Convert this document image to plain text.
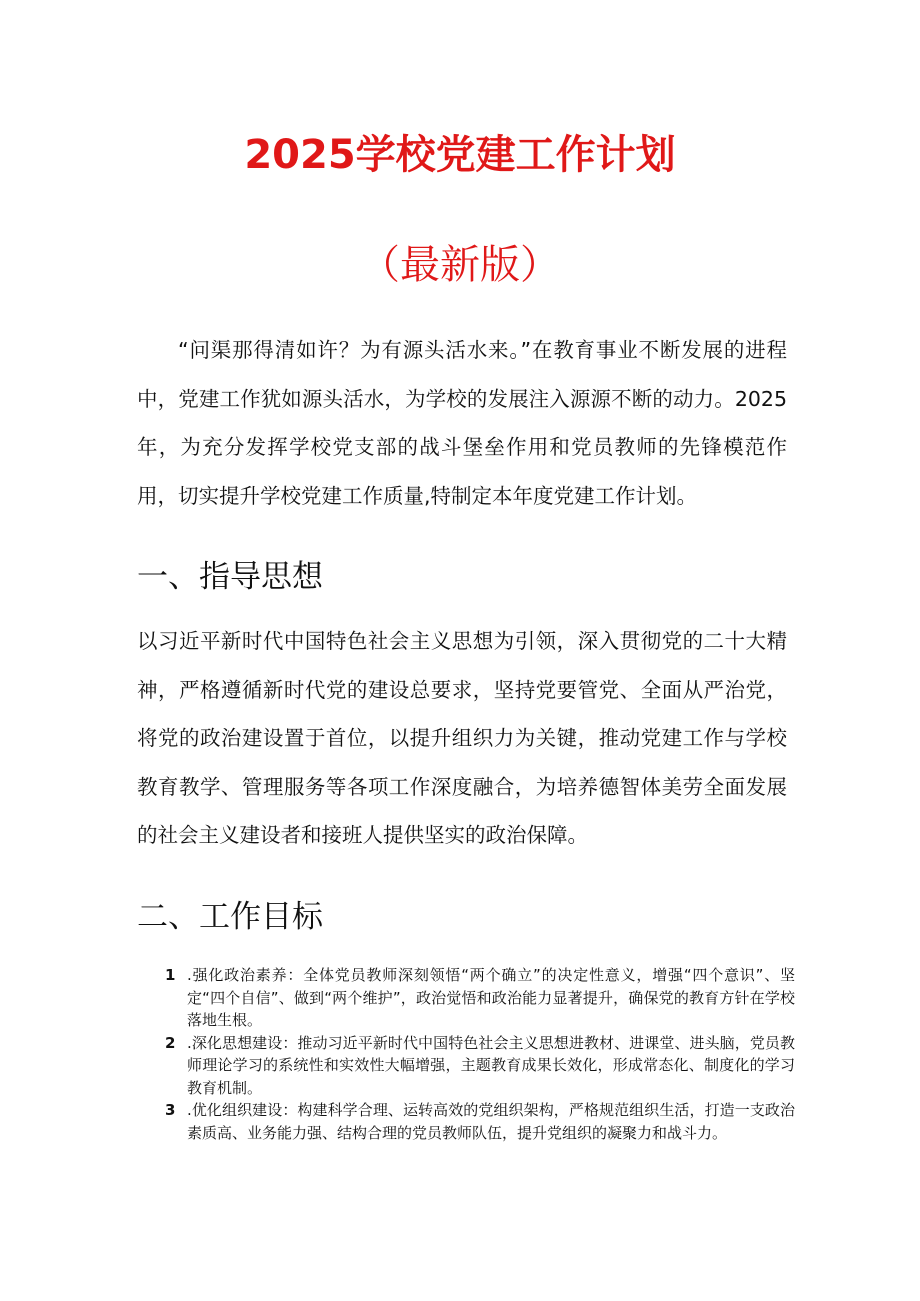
2025学校党建工作计划
（最新版）

“问渠那得清如许？为有源头活水来。”在教育事业不断发展的进程中，党建工作犹如源头活水，为学校的发展注入源源不断的动力。2025年，为充分发挥学校党支部的战斗堡垒作用和党员教师的先锋模范作用，切实提升学校党建工作质量,特制定本年度党建工作计划。

一、指导思想

以习近平新时代中国特色社会主义思想为引领，深入贯彻党的二十大精神，严格遵循新时代党的建设总要求，坚持党要管党、全面从严治党，将党的政治建设置于首位，以提升组织力为关键，推动党建工作与学校教育教学、管理服务等各项工作深度融合，为培养德智体美劳全面发展的社会主义建设者和接班人提供坚实的政治保障。

二、工作目标
1 .强化政治素养：全体党员教师深刻领悟“两个确立”的决定性意义，增强“四个意识”、坚定“四个自信”、做到“两个维护”，政治觉悟和政治能力显著提升，确保党的教育方针在学校落地生根。
2 .深化思想建设：推动习近平新时代中国特色社会主义思想进教材、进课堂、进头脑，党员教师理论学习的系统性和实效性大幅增强，主题教育成果长效化，形成常态化、制度化的学习教育机制。
3 .优化组织建设：构建科学合理、运转高效的党组织架构，严格规范组织生活，打造一支政治素质高、业务能力强、结构合理的党员教师队伍，提升党组织的凝聚力和战斗力。
